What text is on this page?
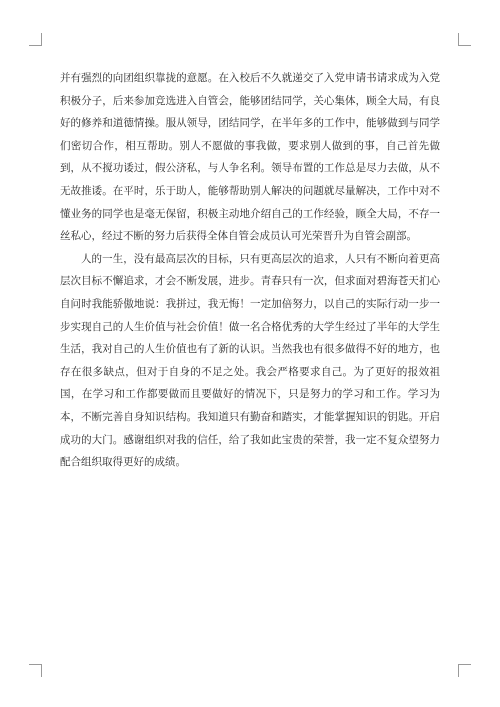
并有强烈的向团组织靠拢的意愿。在入校后不久就递交了入党申请书请求成为入党积极分子，后来参加竞选进入自管会，能够团结同学，关心集体，顾全大局，有良好的修养和道德情操。服从领导，团结同学，在半年多的工作中，能够做到与同学们密切合作，相互帮助。别人不愿做的事我做，要求别人做到的事，自己首先做到，从不搅功诿过，假公济私，与人争名利。领导布置的工作总是尽力去做，从不无故推诿。在平时，乐于助人，能够帮助别人解决的问题就尽量解决，工作中对不懂业务的同学也是毫无保留，积极主动地介绍自己的工作经验，顾全大局，不存一丝私心，经过不断的努力后获得全体自管会成员认可光荣晋升为自管会副部。

人的一生，没有最高层次的目标，只有更高层次的追求，人只有不断向着更高层次目标不懈追求，才会不断发展，进步。青春只有一次，但求面对碧海苍天扪心自问时我能骄傲地说：我拼过，我无悔！一定加倍努力，以自己的实际行动一步一步实现自己的人生价值与社会价值！做一名合格优秀的大学生经过了半年的大学生生活，我对自己的人生价值也有了新的认识。当然我也有很多做得不好的地方，也存在很多缺点，但对于自身的不足之处。我会严格要求自己。为了更好的报效祖国，在学习和工作都要做而且要做好的情况下，只是努力的学习和工作。学习为本，不断完善自身知识结构。我知道只有勤奋和踏实，才能掌握知识的钥匙。开启成功的大门。感谢组织对我的信任，给了我如此宝贵的荣誉，我一定不复众望努力配合组织取得更好的成绩。
